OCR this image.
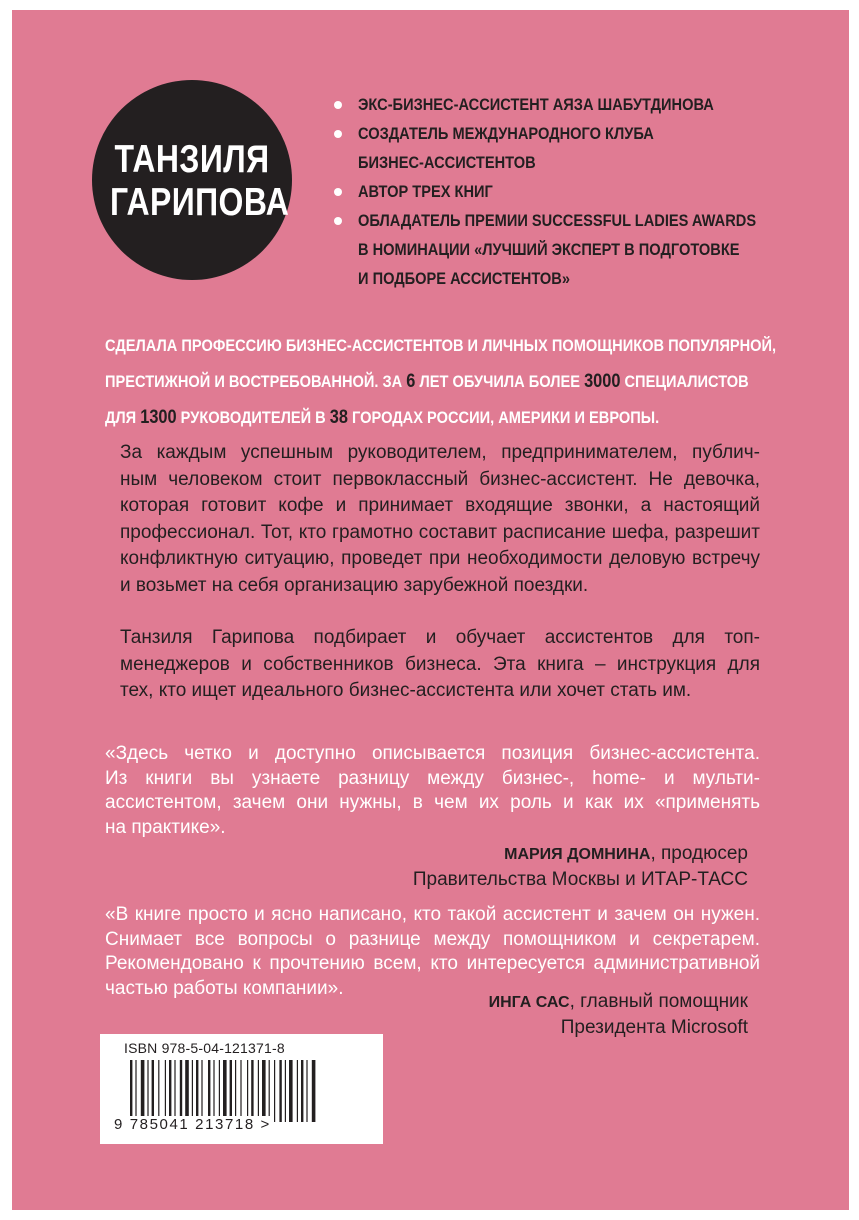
ТАНЗИЛЯ
ГАРИПОВА
ЭКС-БИЗНЕС-АССИСТЕНТ АЯЗА ШАБУТДИНОВА
СОЗДАТЕЛЬ МЕЖДУНАРОДНОГО КЛУБА
БИЗНЕС-АССИСТЕНТОВ
АВТОР ТРЕХ КНИГ
ОБЛАДАТЕЛЬ ПРЕМИИ SUCCESSFUL LADIES AWARDS
В НОМИНАЦИИ «ЛУЧШИЙ ЭКСПЕРТ В ПОДГОТОВКЕ
И ПОДБОРЕ АССИСТЕНТОВ»
СДЕЛАЛА ПРОФЕССИЮ БИЗНЕС-АССИСТЕНТОВ И ЛИЧНЫХ ПОМОЩНИКОВ ПОПУЛЯРНОЙ,
ПРЕСТИЖНОЙ И ВОСТРЕБОВАННОЙ. ЗА 6 ЛЕТ ОБУЧИЛА БОЛЕЕ 3000 СПЕЦИАЛИСТОВ
ДЛЯ 1300 РУКОВОДИТЕЛЕЙ В 38 ГОРОДАХ РОССИИ, АМЕРИКИ И ЕВРОПЫ.
За каждым успешным руководителем, предпринимателем, публич-
ным человеком стоит первоклассный бизнес-ассистент. Не девочка,
которая готовит кофе и принимает входящие звонки, а настоящий
профессионал. Тот, кто грамотно составит расписание шефа, разрешит
конфликтную ситуацию, проведет при необходимости деловую встречу
и возьмет на себя организацию зарубежной поездки.
Танзиля Гарипова подбирает и обучает ассистентов для топ-
менеджеров и собственников бизнеса. Эта книга – инструкция для
тех, кто ищет идеального бизнес-ассистента или хочет стать им.
«Здесь четко и доступно описывается позиция бизнес-ассистента.
Из книги вы узнаете разницу между бизнес-, home- и мульти-
ассистентом, зачем они нужны, в чем их роль и как их «применять
на практике».
МАРИЯ ДОМНИНА, продюсер
Правительства Москвы и ИТАР-ТАСС
«В книге просто и ясно написано, кто такой ассистент и зачем он нужен.
Снимает все вопросы о разнице между помощником и секретарем.
Рекомендовано к прочтению всем, кто интересуется административной
частью работы компании».
ИНГА САС, главный помощник
Президента Microsoft
ISBN 978-5-04-121371-8
9 785041 213718 >
